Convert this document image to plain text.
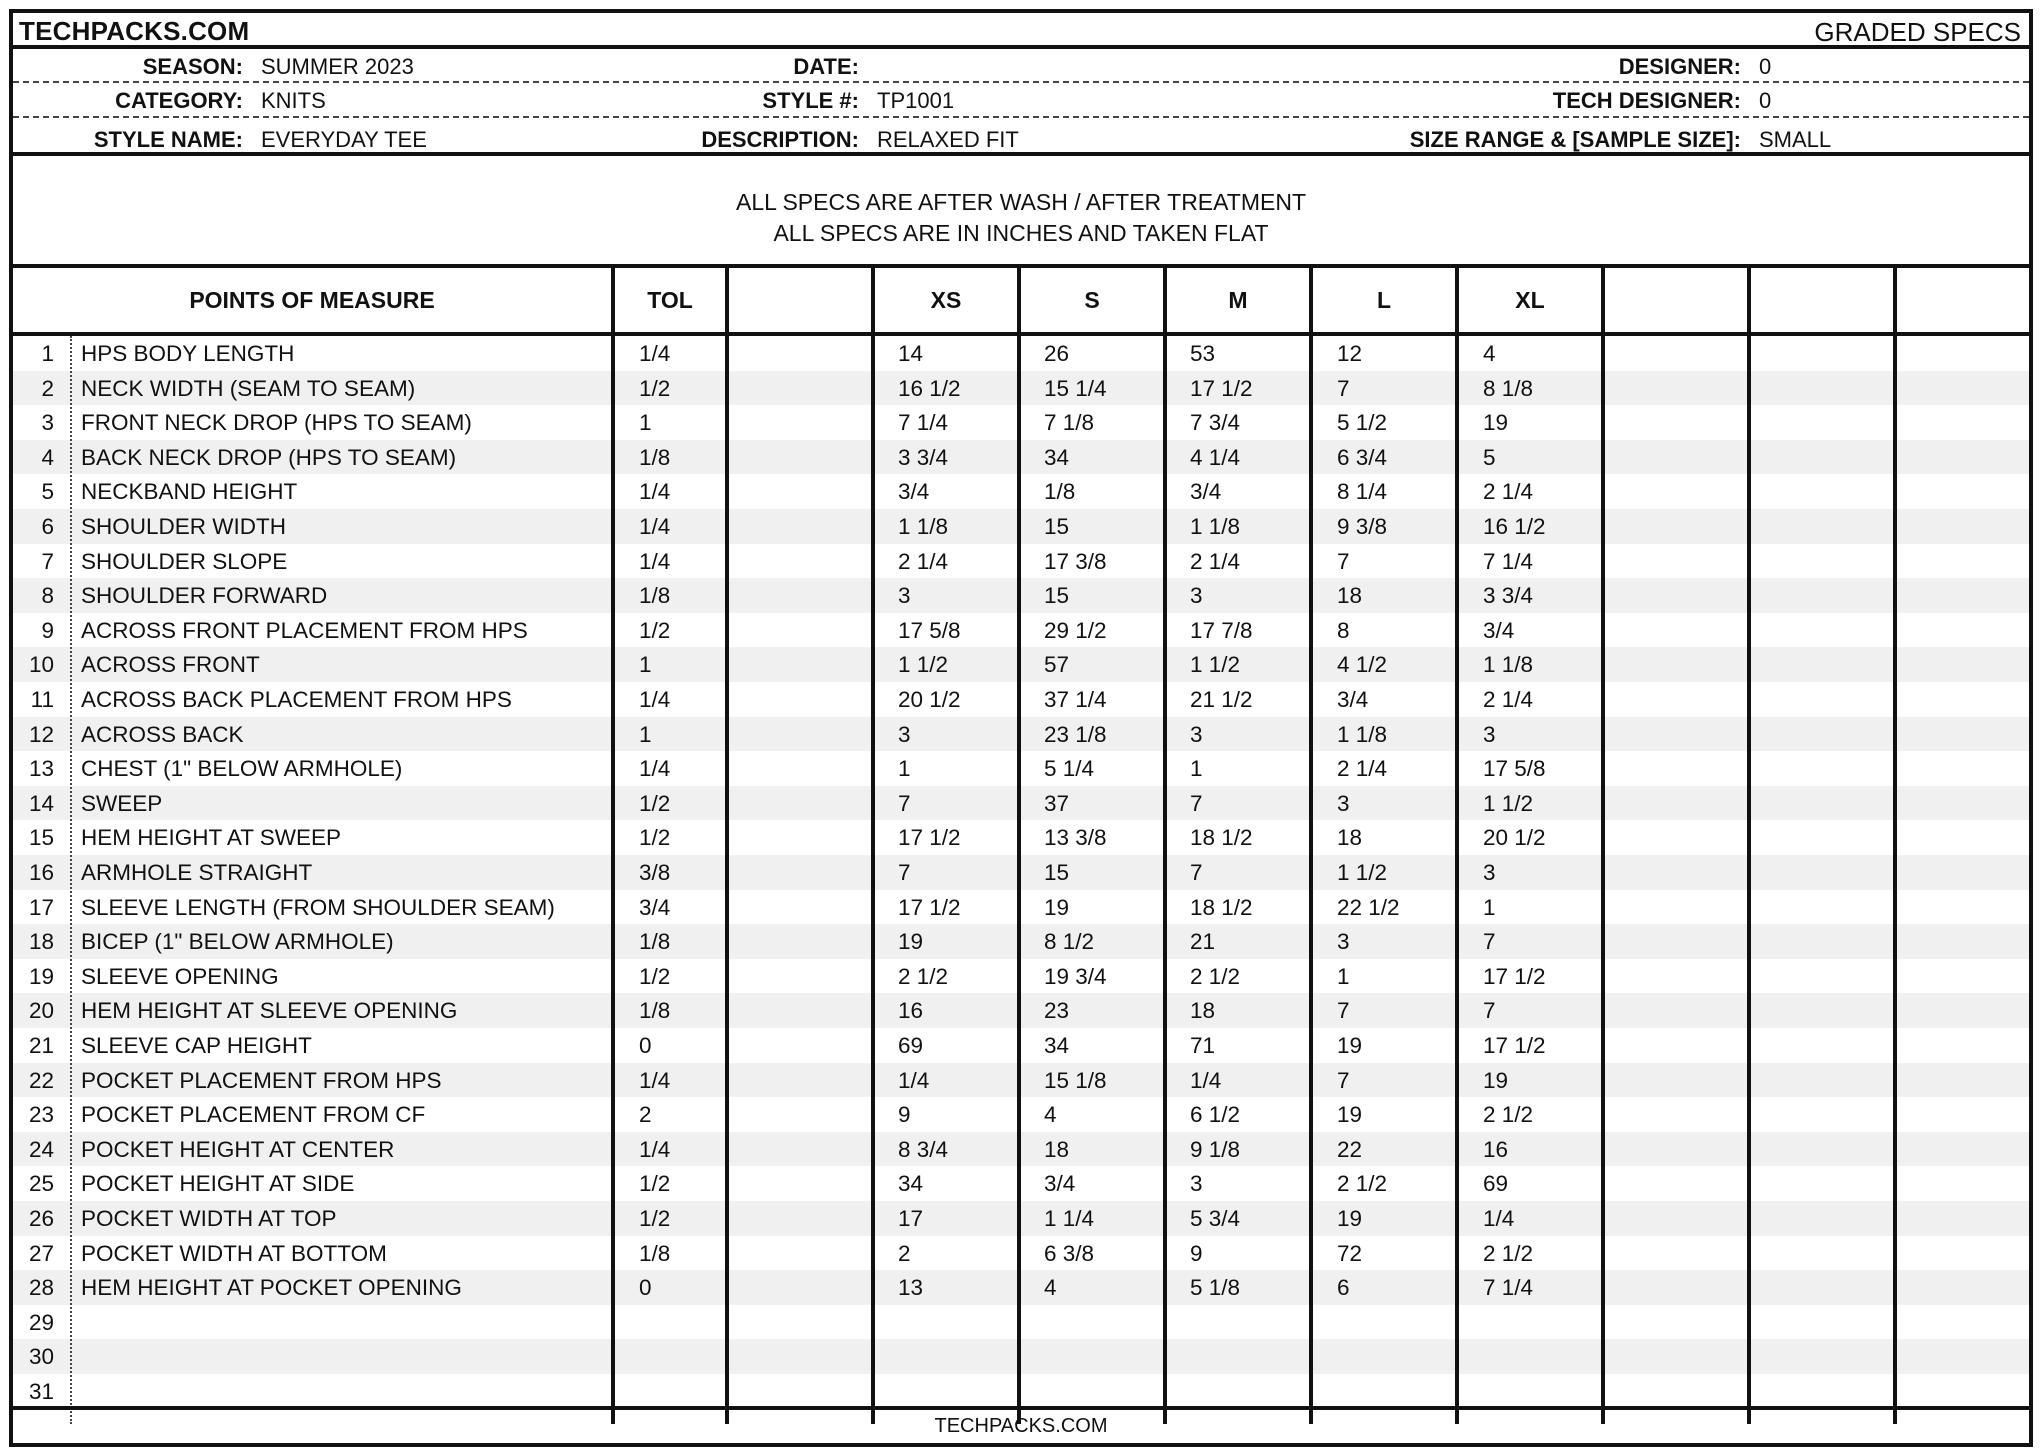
TECHPACKS.COM	GRADED SPECS
SEASON: SUMMER 2023	DATE:	DESIGNER: 0
CATEGORY: KNITS	STYLE #: TP1001	TECH DESIGNER: 0
STYLE NAME: EVERYDAY TEE	DESCRIPTION: RELAXED FIT	SIZE RANGE & [SAMPLE SIZE]: SMALL
ALL SPECS ARE AFTER WASH / AFTER TREATMENT
ALL SPECS ARE IN INCHES AND TAKEN FLAT
POINTS OF MEASURE	TOL	XS	S	M	L	XL
1 HPS BODY LENGTH	1/4	14	26	53	12	4
2 NECK WIDTH (SEAM TO SEAM)	1/2	16 1/2	15 1/4	17 1/2	7	8 1/8
3 FRONT NECK DROP (HPS TO SEAM)	1	7 1/4	7 1/8	7 3/4	5 1/2	19
4 BACK NECK DROP (HPS TO SEAM)	1/8	3 3/4	34	4 1/4	6 3/4	5
5 NECKBAND HEIGHT	1/4	3/4	1/8	3/4	8 1/4	2 1/4
6 SHOULDER WIDTH	1/4	1 1/8	15	1 1/8	9 3/8	16 1/2
7 SHOULDER SLOPE	1/4	2 1/4	17 3/8	2 1/4	7	7 1/4
8 SHOULDER FORWARD	1/8	3	15	3	18	3 3/4
9 ACROSS FRONT PLACEMENT FROM HPS	1/2	17 5/8	29 1/2	17 7/8	8	3/4
10 ACROSS FRONT	1	1 1/2	57	1 1/2	4 1/2	1 1/8
11 ACROSS BACK PLACEMENT FROM HPS	1/4	20 1/2	37 1/4	21 1/2	3/4	2 1/4
12 ACROSS BACK	1	3	23 1/8	3	1 1/8	3
13 CHEST (1" BELOW ARMHOLE)	1/4	1	5 1/4	1	2 1/4	17 5/8
14 SWEEP	1/2	7	37	7	3	1 1/2
15 HEM HEIGHT AT SWEEP	1/2	17 1/2	13 3/8	18 1/2	18	20 1/2
16 ARMHOLE STRAIGHT	3/8	7	15	7	1 1/2	3
17 SLEEVE LENGTH (FROM SHOULDER SEAM)	3/4	17 1/2	19	18 1/2	22 1/2	1
18 BICEP (1" BELOW ARMHOLE)	1/8	19	8 1/2	21	3	7
19 SLEEVE OPENING	1/2	2 1/2	19 3/4	2 1/2	1	17 1/2
20 HEM HEIGHT AT SLEEVE OPENING	1/8	16	23	18	7	7
21 SLEEVE CAP HEIGHT	0	69	34	71	19	17 1/2
22 POCKET PLACEMENT FROM HPS	1/4	1/4	15 1/8	1/4	7	19
23 POCKET PLACEMENT FROM CF	2	9	4	6 1/2	19	2 1/2
24 POCKET HEIGHT AT CENTER	1/4	8 3/4	18	9 1/8	22	16
25 POCKET HEIGHT AT SIDE	1/2	34	3/4	3	2 1/2	69
26 POCKET WIDTH AT TOP	1/2	17	1 1/4	5 3/4	19	1/4
27 POCKET WIDTH AT BOTTOM	1/8	2	6 3/8	9	72	2 1/2
28 HEM HEIGHT AT POCKET OPENING	0	13	4	5 1/8	6	7 1/4
29
30
31
TECHPACKS.COM
